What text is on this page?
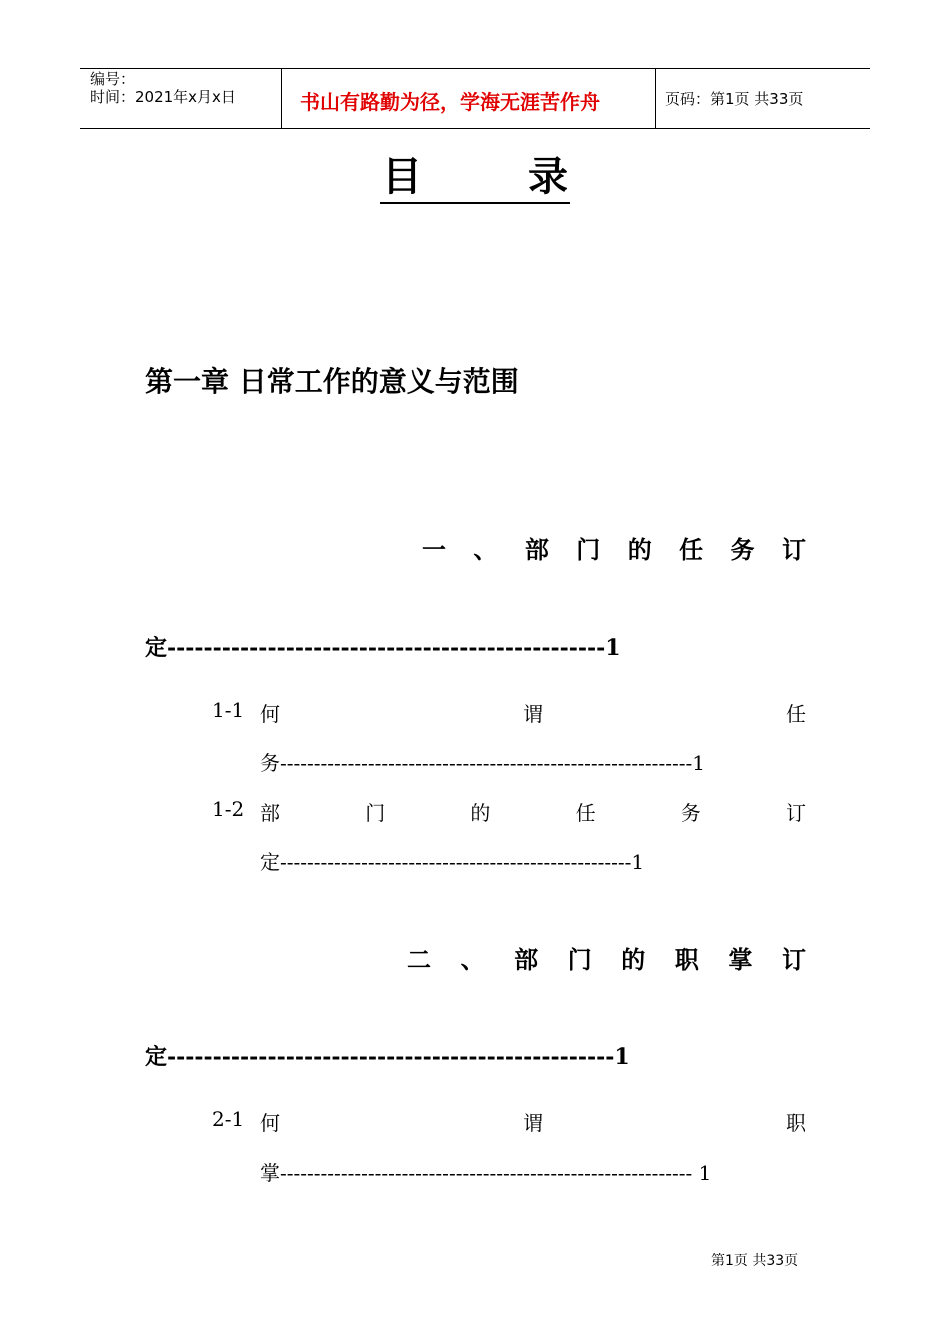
编号：
时间：2021年x月x日	书山有路勤为径，学海无涯苦作舟	页码：第1页 共33页
目	录
第一章 日常工作的意义与范围
一 、 部 门 的 任 务 订
定------------------------------------------------1
1-1 何	谓	任
务-------------------------------------------------------------1
1-2 部	门	的	任	务	订
定----------------------------------------------------1
二 、 部 门 的 职 掌 订
定-------------------------------------------------1
2-1 何	谓	职
掌------------------------------------------------------------- 1
第1页 共33页
